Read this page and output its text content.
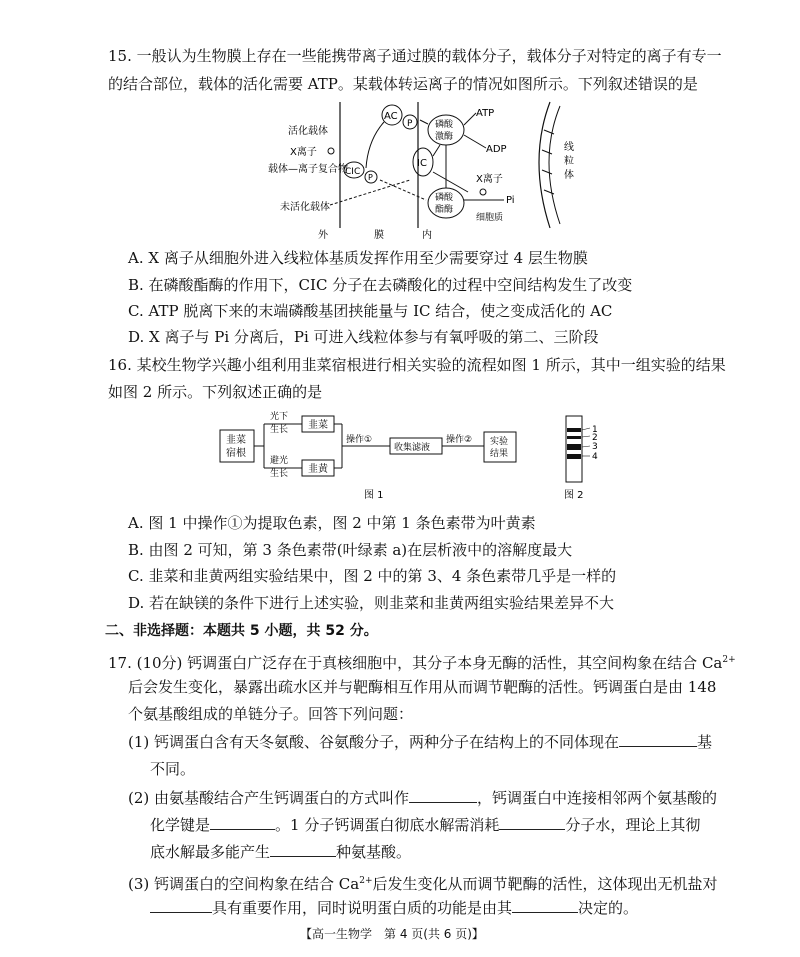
15. 一般认为生物膜上存在一些能携带离子通过膜的载体分子，载体分子对特定的离子有专一
的结合部位，载体的活化需要 ATP。某载体转运离子的情况如图所示。下列叙述错误的是
活化载体
X离子
载体—离子复合物
未活化载体
AC
P
CIC
P
IC
磷酸
激酶
磷酸
酯酶
ATP
ADP
X离子
Pi
细胞质
线
粒
体
外	膜	内
A. X 离子从细胞外进入线粒体基质发挥作用至少需要穿过 4 层生物膜
B. 在磷酸酯酶的作用下，CIC 分子在去磷酸化的过程中空间结构发生了改变
C. ATP 脱离下来的末端磷酸基团挟能量与 IC 结合，使之变成活化的 AC
D. X 离子与 Pi 分离后，Pi 可进入线粒体参与有氧呼吸的第二、三阶段
16. 某校生物学兴趣小组利用韭菜宿根进行相关实验的流程如图 1 所示，其中一组实验的结果
如图 2 所示。下列叙述正确的是
韭菜
宿根
光下
生长
避光
生长
韭菜
韭黄
操作①
收集滤液
操作② 实验
结果
图 1
1
2
3
4
图 2
A. 图 1 中操作①为提取色素，图 2 中第 1 条色素带为叶黄素
B. 由图 2 可知，第 3 条色素带(叶绿素 a)在层析液中的溶解度最大
C. 韭菜和韭黄两组实验结果中，图 2 中的第 3、4 条色素带几乎是一样的
D. 若在缺镁的条件下进行上述实验，则韭菜和韭黄两组实验结果差异不大
二、非选择题：本题共 5 小题，共 52 分。
17. (10分) 钙调蛋白广泛存在于真核细胞中，其分子本身无酶的活性，其空间构象在结合 $Ca^{2+}$
后会发生变化，暴露出疏水区并与靶酶相互作用从而调节靶酶的活性。钙调蛋白是由 148
个氨基酸组成的单链分子。回答下列问题：
(1) 钙调蛋白含有天冬氨酸、谷氨酸分子，两种分子在结构上的不同体现在	基
不同。
(2) 由氨基酸结合产生钙调蛋白的方式叫作	，钙调蛋白中连接相邻两个氨基酸的
化学键是	。1 分子钙调蛋白彻底水解需消耗	分子水，理论上其彻
底水解最多能产生	种氨基酸。
(3) 钙调蛋白的空间构象在结合 $Ca^{2+}$后发生变化从而调节靶酶的活性，这体现出无机盐对
具有重要作用，同时说明蛋白质的功能是由其	决定的。
【高一生物学　第 4 页(共 6 页)】
